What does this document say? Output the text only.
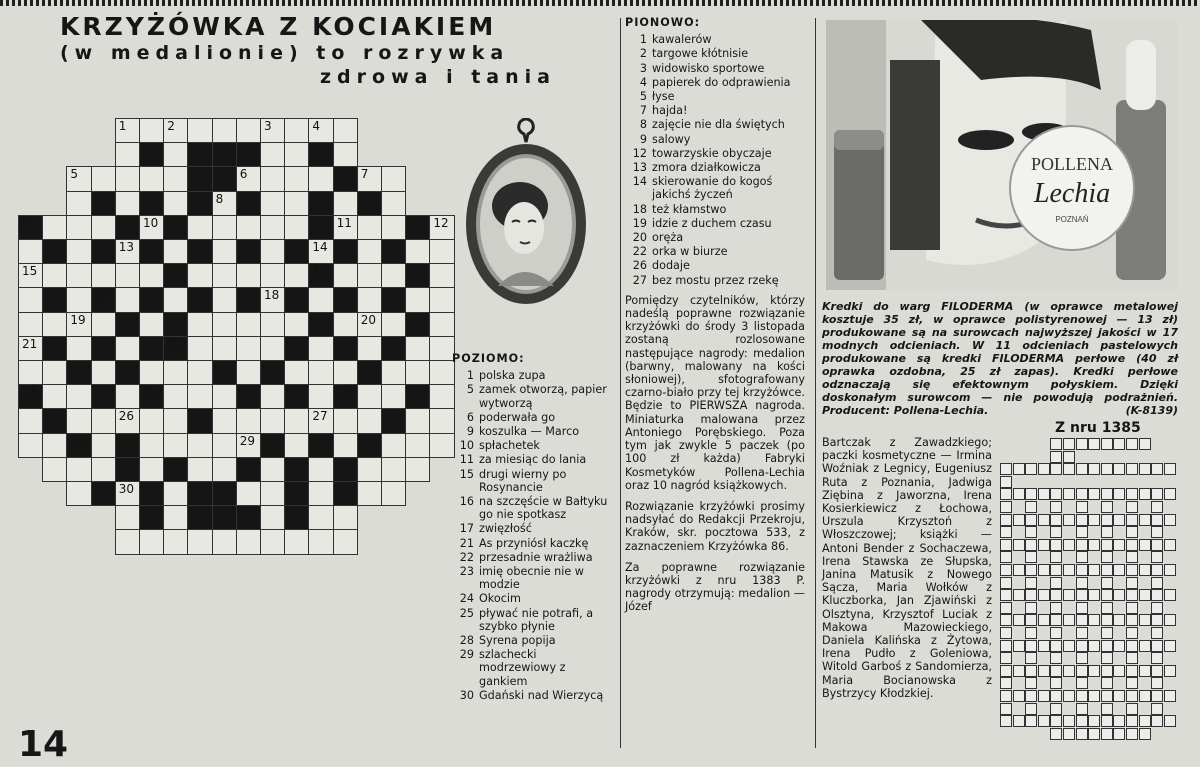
KRZYŻÓWKA Z KOCIAKIEM
(w medalionie) to rozrywka
zdrowa i tania
1	2	3	4
5	6	7
8
9	10	11	12
13	14
15	16
17	18
19	20
21	22
23	24	25
26	27
28	29
30
POZIOMO:
1 polska zupa
5 zamek otworzą, papier wytworzą
6 poderwała go
9 koszulka — Marco
10 spłachetek
11 za miesiąc do lania
15 drugi wierny po Rosynancie
16 na szczęście w Bałtyku go nie spotkasz
17 zwięzłość
21 As przyniósł kaczkę
22 przesadnie wrażliwa
23 imię obecnie nie w modzie
24 Okocim
25 pływać nie potrafi, a szybko płynie
28 Syrena popija
29 szlachecki modrzewiowy z gankiem
30 Gdański nad Wierzycą
PIONOWO:
1 kawalerów
2 targowe kłótnisie
3 widowisko sportowe
4 papierek do odprawienia
5 łyse
7 hajda!
8 zajęcie nie dla świętych
9 salowy
12 towarzyskie obyczaje
13 zmora działkowicza
14 skierowanie do kogoś jakichś życzeń
18 też kłamstwo
19 idzie z duchem czasu
20 oręża
22 orka w biurze
26 dodaje
27 bez mostu przez rzekę
Pomiędzy czytelników, którzy nadeślą poprawne rozwiązanie krzyżówki do środy 3 listopada zostaną rozlosowane następujące nagrody: medalion (barwny, malowany na kości słoniowej), sfotografowany czarno-biało przy tej krzyżówce. Będzie to PIERWSZA nagroda. Miniaturka malowana przez Antoniego Porębskiego. Poza tym jak zwykle 5 paczek (po 100 zł każda) Fabryki Kosmetyków Pollena-Lechia oraz 10 nagród książkowych.
Rozwiązanie krzyżówki prosimy nadsyłać do Redakcji Przekroju, Kraków, skr. pocztowa 533, z zaznaczeniem Krzyżówka 86.
Za poprawne rozwiązanie krzyżówki z nru 1383 P. nagrody otrzymują: medalion — Józef
POLLENA
Lechia
POZNAŃ
Kredki do warg FILODERMA (w oprawce metalowej kosztuje 35 zł, w oprawce polistyrenowej — 13 zł) produkowane są na surowcach najwyższej jakości w 17 modnych odcieniach. W 11 odcieniach pastelowych produkowane są kredki FILODERMA perłowe (40 zł oprawka ozdobna, 25 zł zapas). Kredki perłowe odznaczają się efektownym połyskiem. Dzięki doskonałym surowcom — nie powodują podrażnień. Producent: Pollena-Lechia.	(K-8139)
Bartczak z Zawadzkiego; paczki kosmetyczne — Irmina Woźniak z Legnicy, Eugeniusz Ruta z Poznania, Jadwiga Ziębina z Jaworzna, Irena Kosierkiewicz z Łochowa, Urszula Krzysztoń z Włoszczowej; książki — Antoni Bender z Sochaczewa, Irena Stawska ze Słupska, Janina Matusik z Nowego Sącza, Maria Wołków z Kluczborka, Jan Zjawiński z Olsztyna, Krzysztof Luciak z Makowa Mazowieckiego, Daniela Kalińska z Żytowa, Irena Pudło z Goleniowa, Witold Garboś z Sandomierza, Maria Bocianowska z Bystrzycy Kłodzkiej.
Z nru 1385
14
